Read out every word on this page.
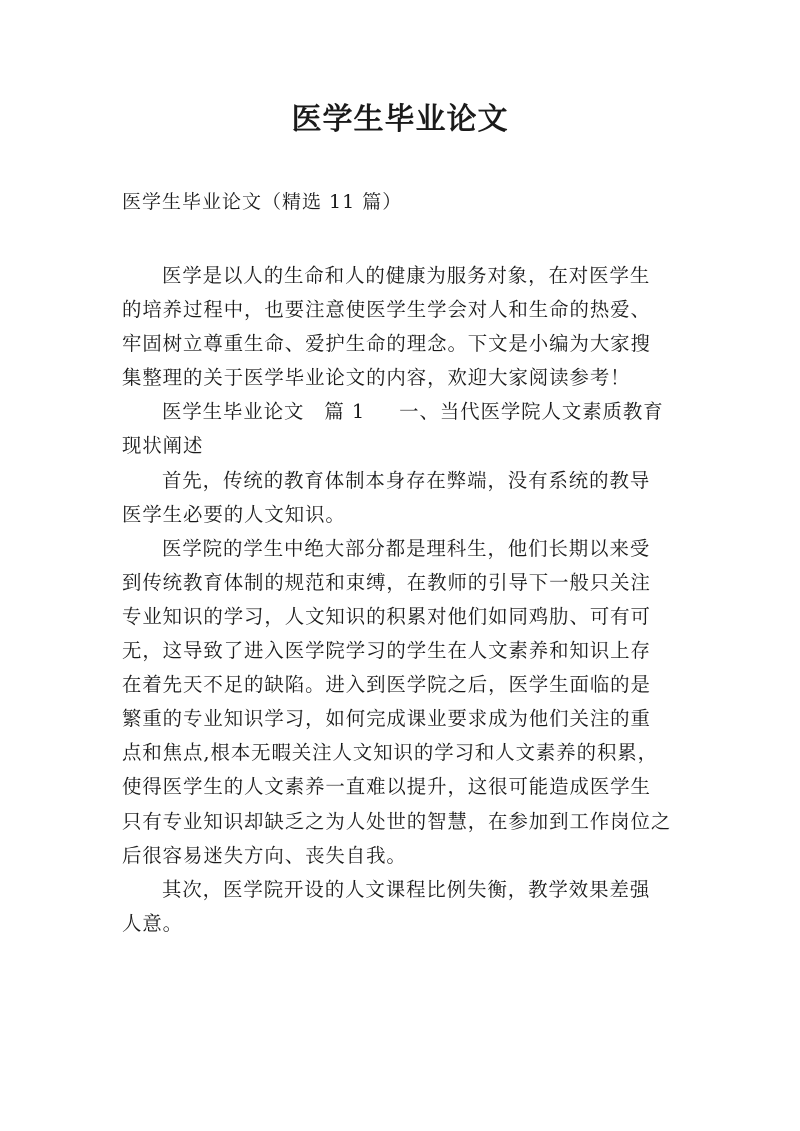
医学生毕业论文
医学生毕业论文（精选 11 篇）
医学是以人的生命和人的健康为服务对象，在对医学生
的培养过程中，也要注意使医学生学会对人和生命的热爱、
牢固树立尊重生命、爱护生命的理念。下文是小编为大家搜
集整理的关于医学毕业论文的内容，欢迎大家阅读参考！
医学生毕业论文 篇 1 一、当代医学院人文素质教育
现状阐述
首先，传统的教育体制本身存在弊端，没有系统的教导
医学生必要的人文知识。
医学院的学生中绝大部分都是理科生，他们长期以来受
到传统教育体制的规范和束缚，在教师的引导下一般只关注
专业知识的学习，人文知识的积累对他们如同鸡肋、可有可
无，这导致了进入医学院学习的学生在人文素养和知识上存
在着先天不足的缺陷。进入到医学院之后，医学生面临的是
繁重的专业知识学习，如何完成课业要求成为他们关注的重
点和焦点,根本无暇关注人文知识的学习和人文素养的积累，
使得医学生的人文素养一直难以提升，这很可能造成医学生
只有专业知识却缺乏之为人处世的智慧，在参加到工作岗位之
后很容易迷失方向、丧失自我。
其次，医学院开设的人文课程比例失衡，教学效果差强
人意。
